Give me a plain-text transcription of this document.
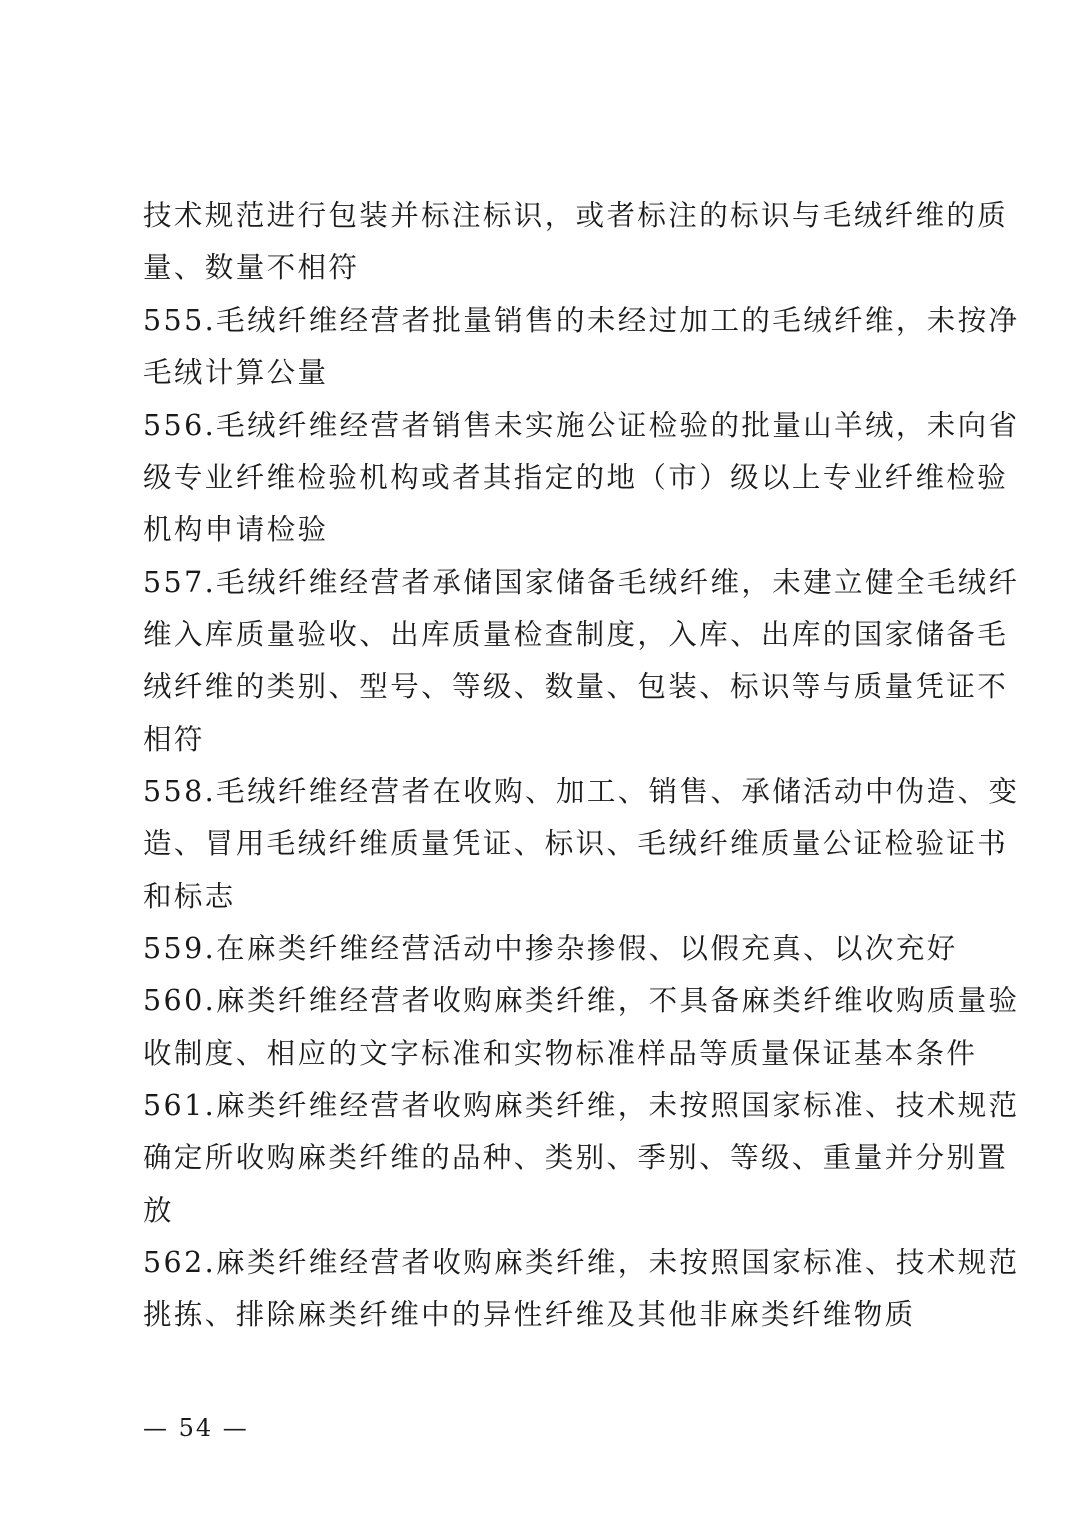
技术规范进行包装并标注标识，或者标注的标识与毛绒纤维的质
量、数量不相符
555.毛绒纤维经营者批量销售的未经过加工的毛绒纤维，未按净
毛绒计算公量
556.毛绒纤维经营者销售未实施公证检验的批量山羊绒，未向省
级专业纤维检验机构或者其指定的地（市）级以上专业纤维检验
机构申请检验
557.毛绒纤维经营者承储国家储备毛绒纤维，未建立健全毛绒纤
维入库质量验收、出库质量检查制度，入库、出库的国家储备毛
绒纤维的类别、型号、等级、数量、包装、标识等与质量凭证不
相符
558.毛绒纤维经营者在收购、加工、销售、承储活动中伪造、变
造、冒用毛绒纤维质量凭证、标识、毛绒纤维质量公证检验证书
和标志
559.在麻类纤维经营活动中掺杂掺假、以假充真、以次充好
560.麻类纤维经营者收购麻类纤维，不具备麻类纤维收购质量验
收制度、相应的文字标准和实物标准样品等质量保证基本条件
561.麻类纤维经营者收购麻类纤维，未按照国家标准、技术规范
确定所收购麻类纤维的品种、类别、季别、等级、重量并分别置
放
562.麻类纤维经营者收购麻类纤维，未按照国家标准、技术规范
挑拣、排除麻类纤维中的异性纤维及其他非麻类纤维物质
— 54 —
